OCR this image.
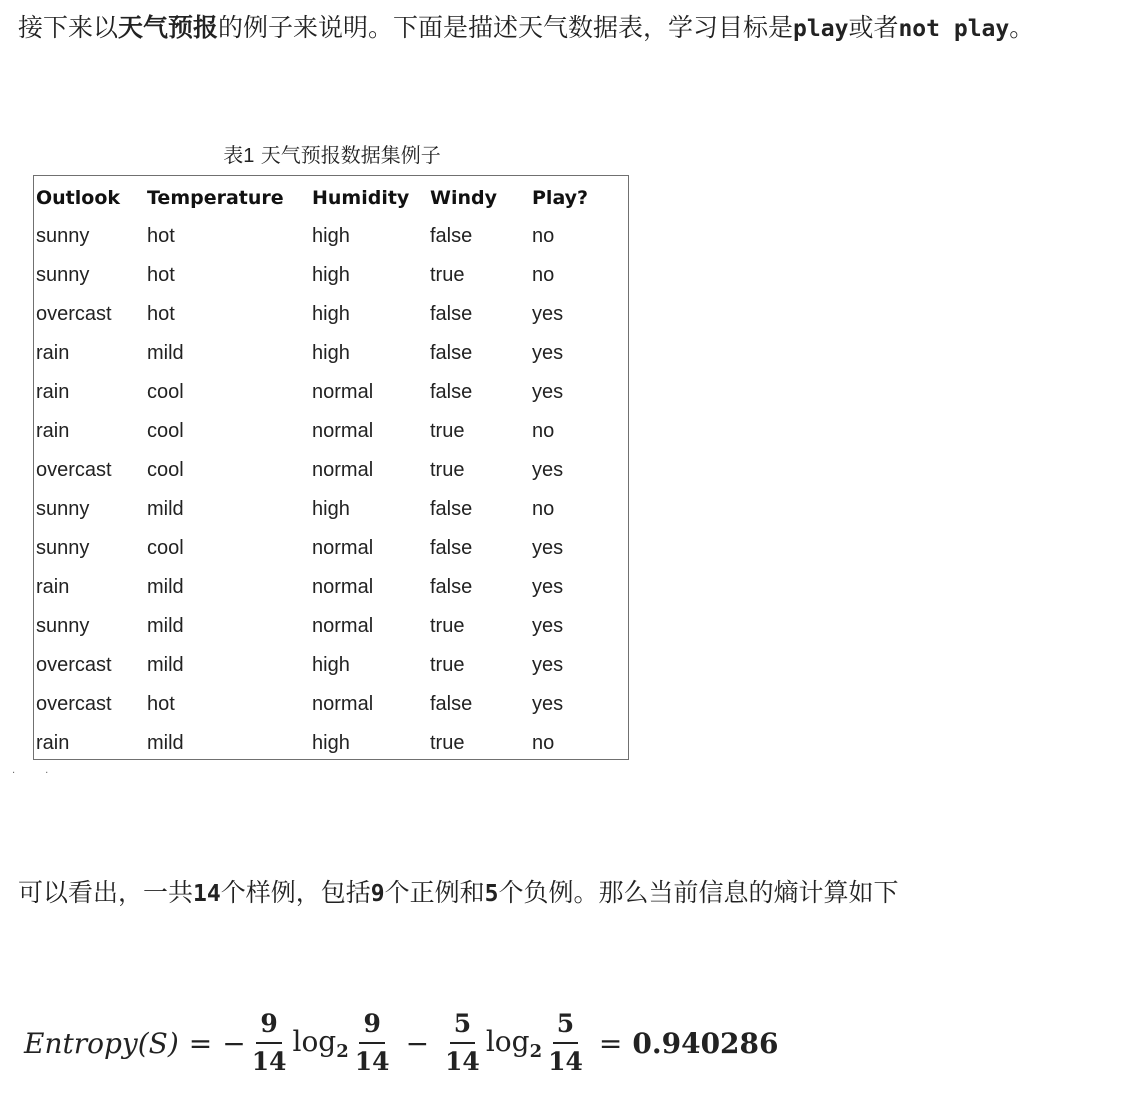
接下来以天气预报的例子来说明。下面是描述天气数据表，学习目标是play或者not play。
表1 天气预报数据集例子
Outlook	Temperature	Humidity	Windy	Play?
sunny	hot	high	false	no
sunny	hot	high	true	no
overcast	hot	high	false	yes
rain	mild	high	false	yes
rain	cool	normal	false	yes
rain	cool	normal	true	no
overcast	cool	normal	true	yes
sunny	mild	high	false	no
sunny	cool	normal	false	yes
rain	mild	normal	false	yes
sunny	mild	normal	true	yes
overcast	mild	high	true	yes
overcast	hot	normal	false	yes
rain	mild	high	true	no
··
可以看出，一共14个样例，包括9个正例和5个负例。那么当前信息的熵计算如下
Entropy (S) = − $\frac{9}{14} \log_2 \frac{9}{14} - \frac{5}{14} \log_2 \frac{5}{14} = 0.940286$
